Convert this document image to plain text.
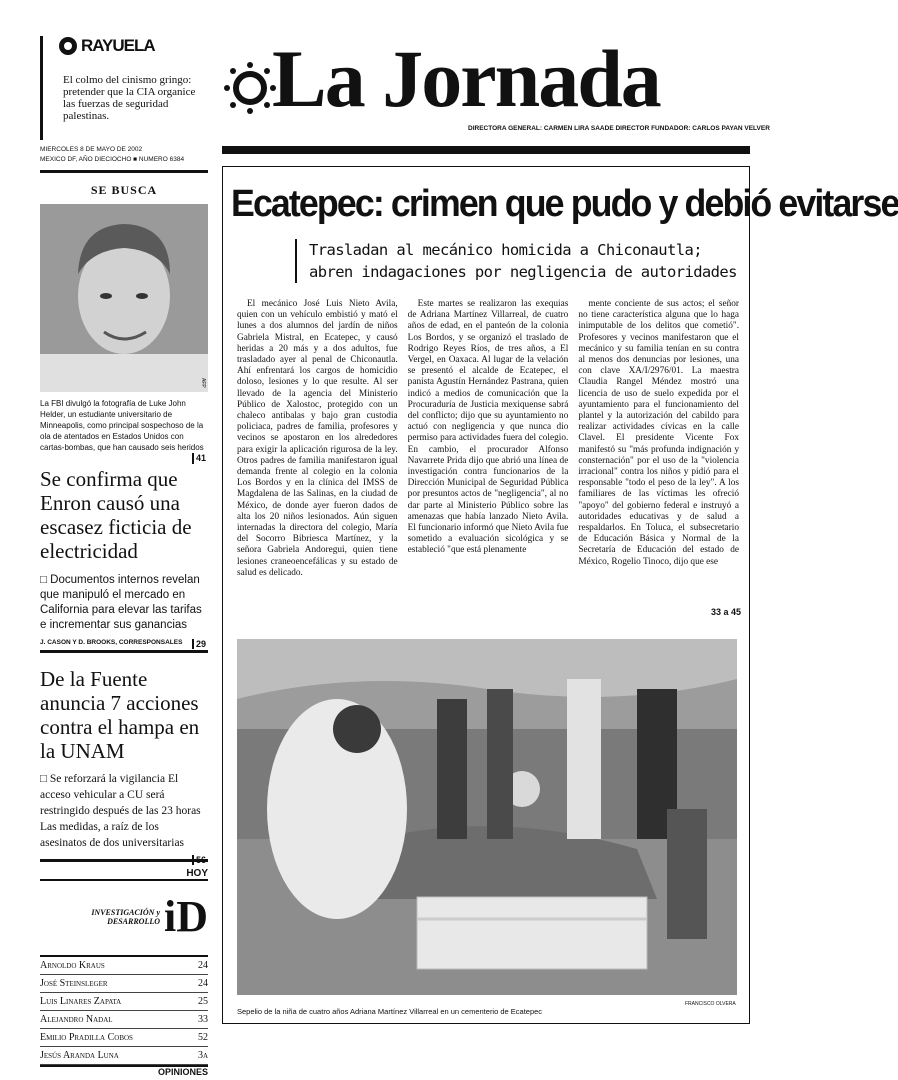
RAYUELA
El colmo del cinismo gringo: pretender que la CIA organice las fuerzas de seguridad palestinas.
MIERCOLES 8 DE MAYO DE 2002
MEXICO DF, AÑO DIECIOCHO ■ NUMERO 6384
La Jornada
DIRECTORA GENERAL: CARMEN LIRA SAADE DIRECTOR FUNDADOR: CARLOS PAYAN VELVER
SE BUSCA
AFP
La FBI divulgó la fotografía de Luke John Helder, un estudiante universitario de Minneapolis, como principal sospechoso de la ola de atentados en Estados Unidos con cartas-bombas, que han causado seis heridos
41
Se confirma que Enron causó una escasez ficticia de electricidad
□ Documentos internos revelan que manipuló el mercado en California para elevar las tarifas e incrementar sus ganancias
J. CASON Y D. BROOKS, CORRESPONSALES	29
De la Fuente anuncia 7 acciones contra el hampa en la UNAM
□ Se reforzará la vigilancia El acceso vehicular a CU será restringido después de las 23 horas Las medidas, a raíz de los asesinatos de dos universitarias
56
HOY
INVESTIGACIÓN y DESARROLLO iD
Arnoldo Kraus	24
José Steinsleger	24
Luis Linares Zapata	25
Alejandro Nadal	33
Emilio Pradilla Cobos	52
Jesús Aranda Luna	3a
OPINIONES
Ecatepec: crimen que pudo y debió evitarse
Trasladan al mecánico homicida a Chiconautla; abren indagaciones por negligencia de autoridades

El mecánico José Luis Nieto Avila, quien con un vehículo embistió y mató el lunes a dos alumnos del jardín de niños Gabriela Mistral, en Ecatepec, y causó heridas a 20 más y a dos adultos, fue trasladado ayer al penal de Chiconautla. Ahí enfrentará los cargos de homicidio doloso, lesiones y lo que resulte. Al ser llevado de la agencia del Ministerio Público de Xalostoc, protegido con un chaleco antibalas y bajo gran custodia policiaca, padres de familia, profesores y vecinos se apostaron en los alrededores para exigir la aplicación rigurosa de la ley. Otros padres de familia manifestaron igual demanda frente al colegio en la colonia Los Bordos y en la clínica del IMSS de Magdalena de las Salinas, en la ciudad de México, de donde ayer fueron dados de alta los 20 niños lesionados. Aún siguen internadas la directora del colegio, María del Socorro Bibriesca Martínez, y la señora Gabriela Andoregui, quien tiene lesiones craneoencefálicas y su estado de salud es delicado.

Este martes se realizaron las exequias de Adriana Martínez Villarreal, de cuatro años de edad, en el panteón de la colonia Los Bordos, y se organizó el traslado de Rodrigo Reyes Ríos, de tres años, a El Vergel, en Oaxaca. Al lugar de la velación se presentó el alcalde de Ecatepec, el panista Agustín Hernández Pastrana, quien indicó a medios de comunicación que la Procuraduría de Justicia mexiquense sabrá del conflicto; dijo que su ayuntamiento no actuó con negligencia y que nunca dio permiso para actividades fuera del colegio. En cambio, el procurador Alfonso Navarrete Prida dijo que abrió una línea de investigación contra funcionarios de la Dirección Municipal de Seguridad Pública por presuntos actos de "negligencia", al no dar parte al Ministerio Público sobre las amenazas que había lanzado Nieto Avila. El funcionario informó que Nieto Avila fue sometido a evaluación sicológica y se estableció "que está plenamente

mente conciente de sus actos; el señor no tiene característica alguna que lo haga inimputable de los delitos que cometió". Profesores y vecinos manifestaron que el mecánico y su familia tenían en su contra al menos dos denuncias por lesiones, una con clave XA/I/2976/01. La maestra Claudia Rangel Méndez mostró una licencia de uso de suelo expedida por el ayuntamiento para el funcionamiento del plantel y la autorización del cabildo para realizar actividades cívicas en la calle Clavel. El presidente Vicente Fox manifestó su "más profunda indignación y consternación" por el uso de la "violencia irracional" contra los niños y pidió para el responsable "todo el peso de la ley". A los familiares de las víctimas les ofreció "apoyo" del gobierno federal e instruyó a autoridades educativas y de salud a respaldarlos. En Toluca, el subsecretario de Educación Básica y Normal de la Secretaría de Educación del estado de México, Rogelio Tinoco, dijo que ese

33 a 45
FRANCISCO OLVERA
Sepelio de la niña de cuatro años Adriana Martínez Villarreal en un cementerio de Ecatepec
